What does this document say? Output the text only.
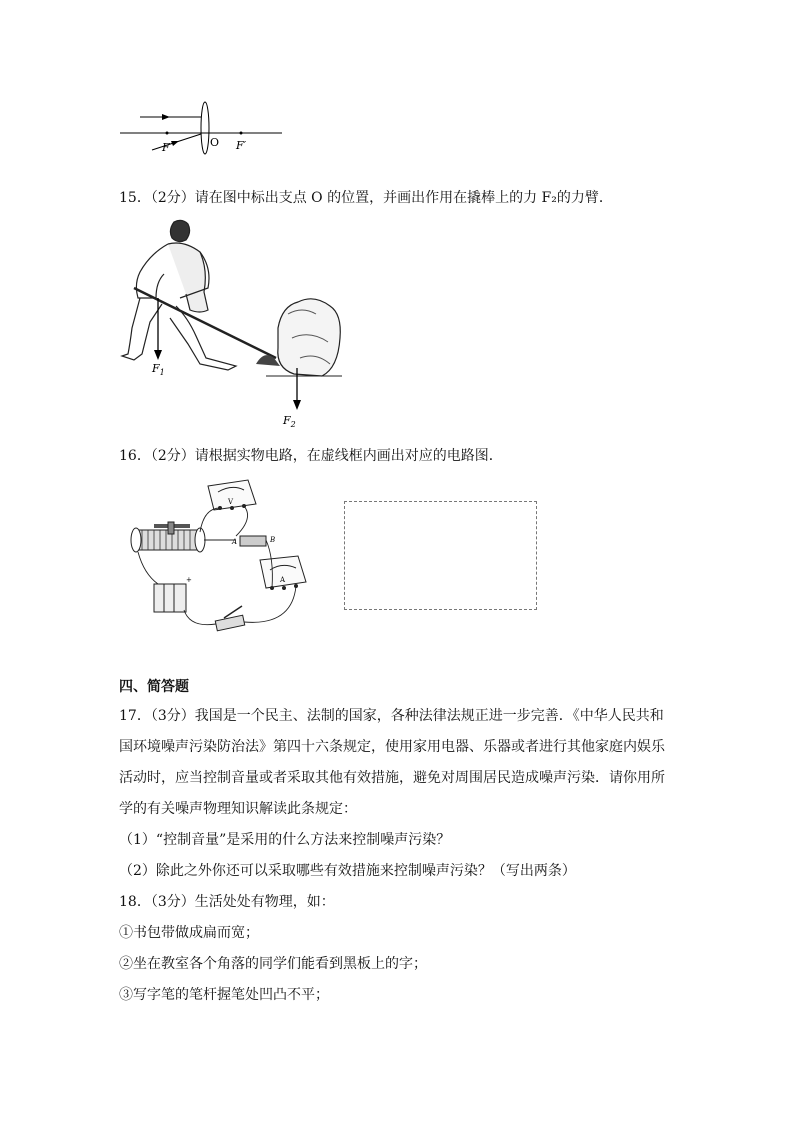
F	O F′
15．（2分）请在图中标出支点 O 的位置，并画出作用在撬棒上的力 F₂的力臂．
$F_1$
$F_2$
16．（2分）请根据实物电路，在虚线框内画出对应的电路图．
V
A	B
A
+
四、简答题
17．（3分）我国是一个民主、法制的国家，各种法律法规正进一步完善．《中华人民共和
国环境噪声污染防治法》第四十六条规定，使用家用电器、乐器或者进行其他家庭内娱乐
活动时，应当控制音量或者采取其他有效措施，避免对周围居民造成噪声污染．请你用所
学的有关噪声物理知识解读此条规定：
（1）“控制音量”是采用的什么方法来控制噪声污染？
（2）除此之外你还可以采取哪些有效措施来控制噪声污染？（写出两条）
18．（3分）生活处处有物理，如：
①书包带做成扁而宽；
②坐在教室各个角落的同学们能看到黑板上的字；
③写字笔的笔杆握笔处凹凸不平；
